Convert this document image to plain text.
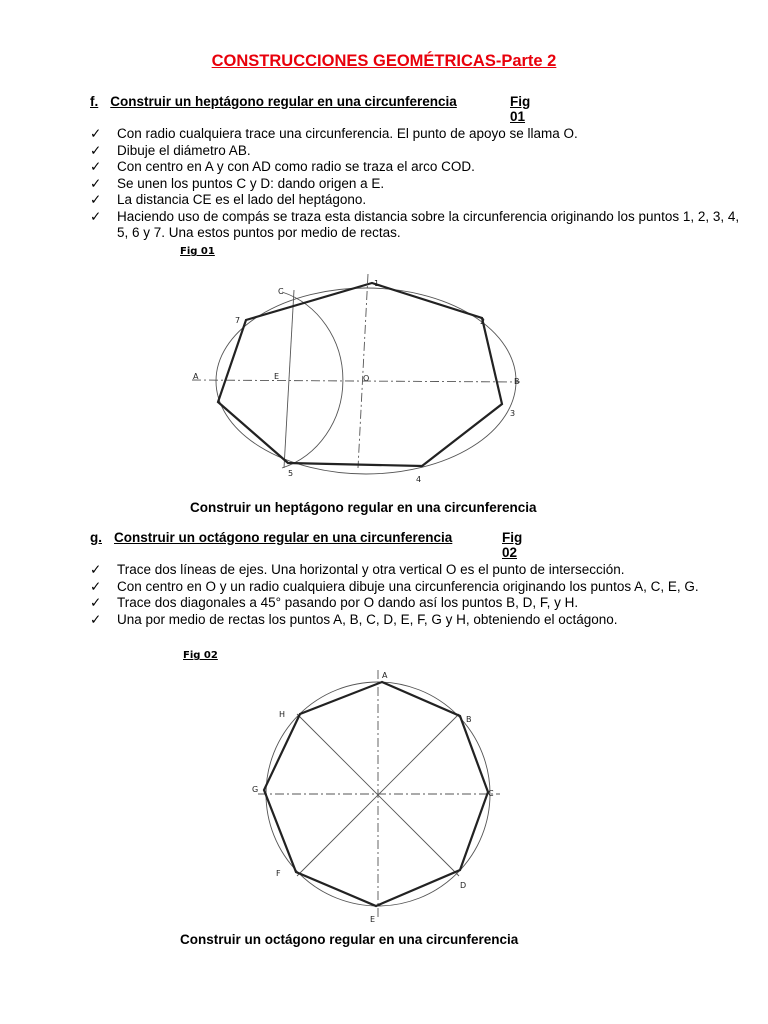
CONSTRUCCIONES GEOMÉTRICAS-Parte 2
f. Construir un heptágono regular en una circunferencia	Fig 01
✓ Con radio cualquiera trace una circunferencia. El punto de apoyo se llama O.
✓ Dibuje el diámetro AB.
✓ Con centro en A y con AD como radio se traza el arco COD.
✓ Se unen los puntos C y D: dando origen a E.
✓ La distancia CE es el lado del heptágono.
✓ Haciendo uso de compás se traza esta distancia sobre la circunferencia originando los puntos 1, 2, 3, 4, 5, 6 y 7. Una estos puntos por medio de rectas.
Fig 01
C
1
2
3
4
5
7
A	E	O	B
Construir un heptágono regular en una circunferencia
g. Construir un octágono regular en una circunferencia	Fig 02
✓ Trace dos líneas de ejes. Una horizontal y otra vertical O es el punto de intersección.
✓ Con centro en O y un radio cualquiera dibuje una circunferencia originando los puntos A, C, E, G.
✓ Trace dos diagonales a 45° pasando por O dando así los puntos B, D, F, y H.
✓ Una por medio de rectas los puntos A, B, C, D, E, F, G y H, obteniendo el octágono.
Fig 02
A
B
C
D
E
F
G
H
Construir un octágono regular en una circunferencia
